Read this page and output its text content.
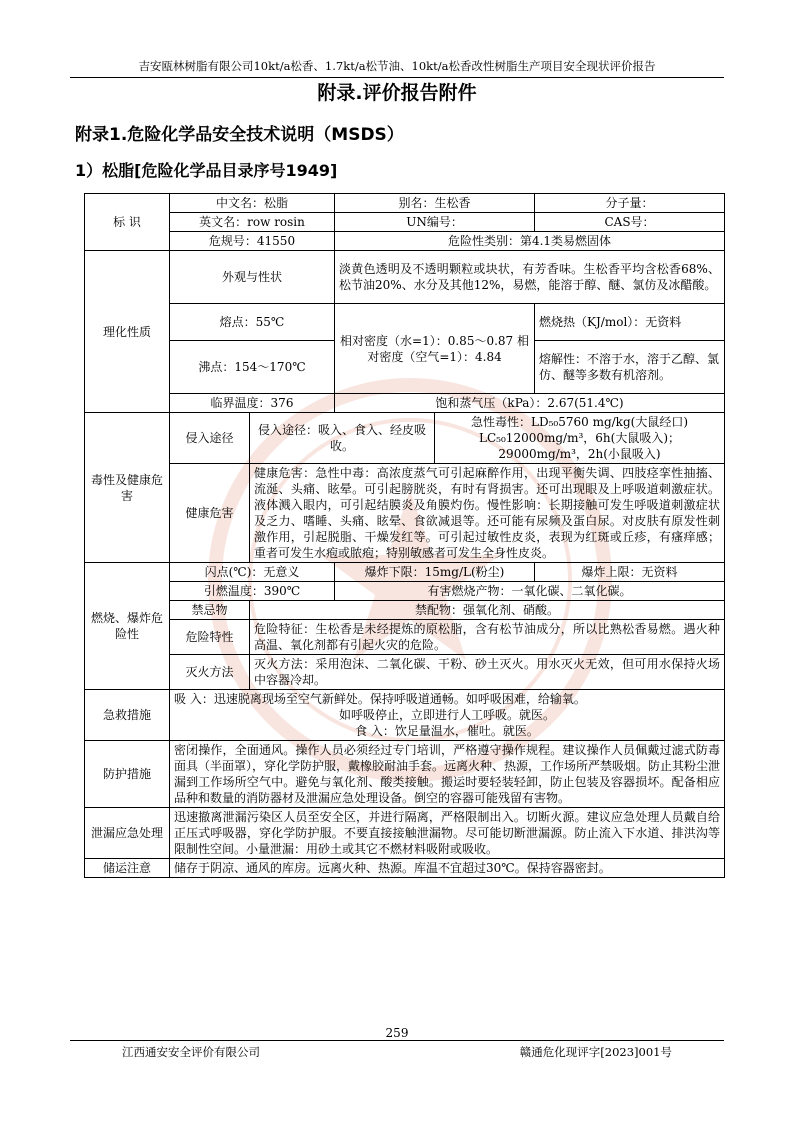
吉安瓯林树脂有限公司10kt/a松香、1.7kt/a松节油、10kt/a松香改性树脂生产项目安全现状评价报告
附录.评价报告附件
附录1.危险化学品安全技术说明（MSDS）
1）松脂[危险化学品目录序号1949]
标 识	中文名：松脂		别名：生松香		分子量：
	英文名：row rosin		UN编号：		CAS号：
	危规号：41550		危险性类别：第4.1类易燃固体		
理化性质	外观与性状		淡黄色透明及不透明颗粒或块状，有芳香味。生松香平均含松香68%、松节油20%、水分及其他12%，易燃，能溶于醇、醚、氯仿及冰醋酸。		
	熔点：55℃		相对密度（水=1）：0.85～0.87 相对密度（空气=1）：4.84		燃烧热（KJ/mol）：无资料
	沸点：154～170℃				熔解性：不溶于水，溶于乙醇、氯仿、醚等多数有机溶剂。
	临界温度：376		饱和蒸气压（kPa）：2.67(51.4℃)		
毒性及健康危害	侵入途径	侵入途径：吸入、食入、经皮吸收。		急性毒性：LD₅₀5760 mg/kg(大鼠经口)
LC₅₀12000mg/m³，6h(大鼠吸入)；
29000mg/m³，2h(小鼠吸入)	

	健康危害	健康危害：急性中毒：高浓度蒸气可引起麻醉作用，出现平衡失调、四肢痉挛性抽搐、流涎、头痛、眩晕。可引起膀胱炎，有时有肾损害。还可出现眼及上呼吸道刺激症状。液体溅入眼内，可引起结膜炎及角膜灼伤。慢性影响：长期接触可发生呼吸道刺激症状及乏力、嗜睡、头痛、眩晕、食欲减退等。还可能有尿频及蛋白尿。对皮肤有原发性刺激作用，引起脱脂、干燥发红等。可引起过敏性皮炎，表现为红斑或丘疹，有瘙痒感；重者可发生水疱或脓疱；特别敏感者可发生全身性皮炎。			
燃烧、爆炸危险性	闪点(℃)：无意义		爆炸下限：15mg/L(粉尘)		爆炸上限：无资料
	引燃温度：390℃		有害燃烧产物：一氧化碳、二氧化碳。		
	禁忌物	禁配物：强氧化剂、硝酸。			
	危险特性	危险特征：生松香是未经提炼的原松脂，含有松节油成分，所以比熟松香易燃。遇火种高温、氧化剂都有引起火灾的危险。			
	灭火方法	灭火方法：采用泡沫、二氧化碳、干粉、砂土灭火。用水灭火无效，但可用水保持火场中容器冷却。			
急救措施	吸 入：迅速脱离现场至空气新鲜处。保持呼吸道通畅。如呼吸困难，给输氧。
如呼吸停止，立即进行人工呼吸。就医。
食 入：饮足量温水，催吐。就医。				

防护措施	密闭操作，全面通风。操作人员必须经过专门培训，严格遵守操作规程。建议操作人员佩戴过滤式防毒面具（半面罩），穿化学防护服，戴橡胶耐油手套。远离火种、热源，工作场所严禁吸烟。防止其粉尘泄漏到工作场所空气中。避免与氧化剂、酸类接触。搬运时要轻装轻卸，防止包装及容器损坏。配备相应品种和数量的消防器材及泄漏应急处理设备。倒空的容器可能残留有害物。				
泄漏应急处理	迅速撤离泄漏污染区人员至安全区，并进行隔离，严格限制出入。切断火源。建议应急处理人员戴自给正压式呼吸器，穿化学防护服。不要直接接触泄漏物。尽可能切断泄漏源。防止流入下水道、排洪沟等限制性空间。小量泄漏：用砂土或其它不燃材料吸附或吸收。				
储运注意	储存于阴凉、通风的库房。远离火种、热源。库温不宜超过30℃。保持容器密封。				
259
江西通安安全评价有限公司	赣通危化现评字[2023]001号
